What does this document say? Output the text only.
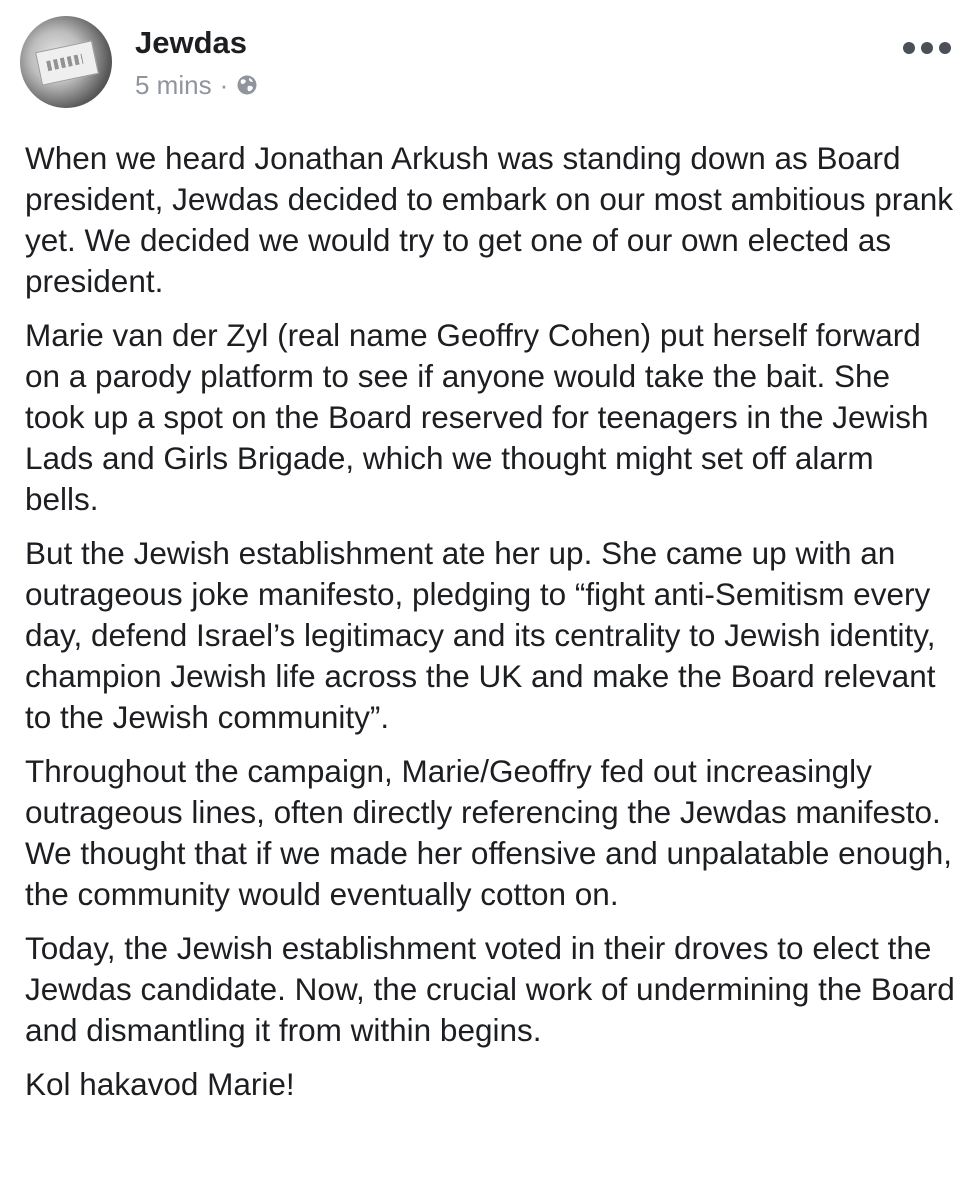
Jewdas
5 mins ·

When we heard Jonathan Arkush was standing down as Board president, Jewdas decided to embark on our most ambitious prank yet. We decided we would try to get one of our own elected as president.

Marie van der Zyl (real name Geoffry Cohen) put herself forward on a parody platform to see if anyone would take the bait. She took up a spot on the Board reserved for teenagers in the Jewish Lads and Girls Brigade, which we thought might set off alarm bells.

But the Jewish establishment ate her up. She came up with an outrageous joke manifesto, pledging to “fight anti-Semitism every day, defend Israel’s legitimacy and its centrality to Jewish identity, champion Jewish life across the UK and make the Board relevant to the Jewish community”.

Throughout the campaign, Marie/Geoffry fed out increasingly outrageous lines, often directly referencing the Jewdas manifesto. We thought that if we made her offensive and unpalatable enough, the community would eventually cotton on.

Today, the Jewish establishment voted in their droves to elect the Jewdas candidate. Now, the crucial work of undermining the Board and dismantling it from within begins.

Kol hakavod Marie!
